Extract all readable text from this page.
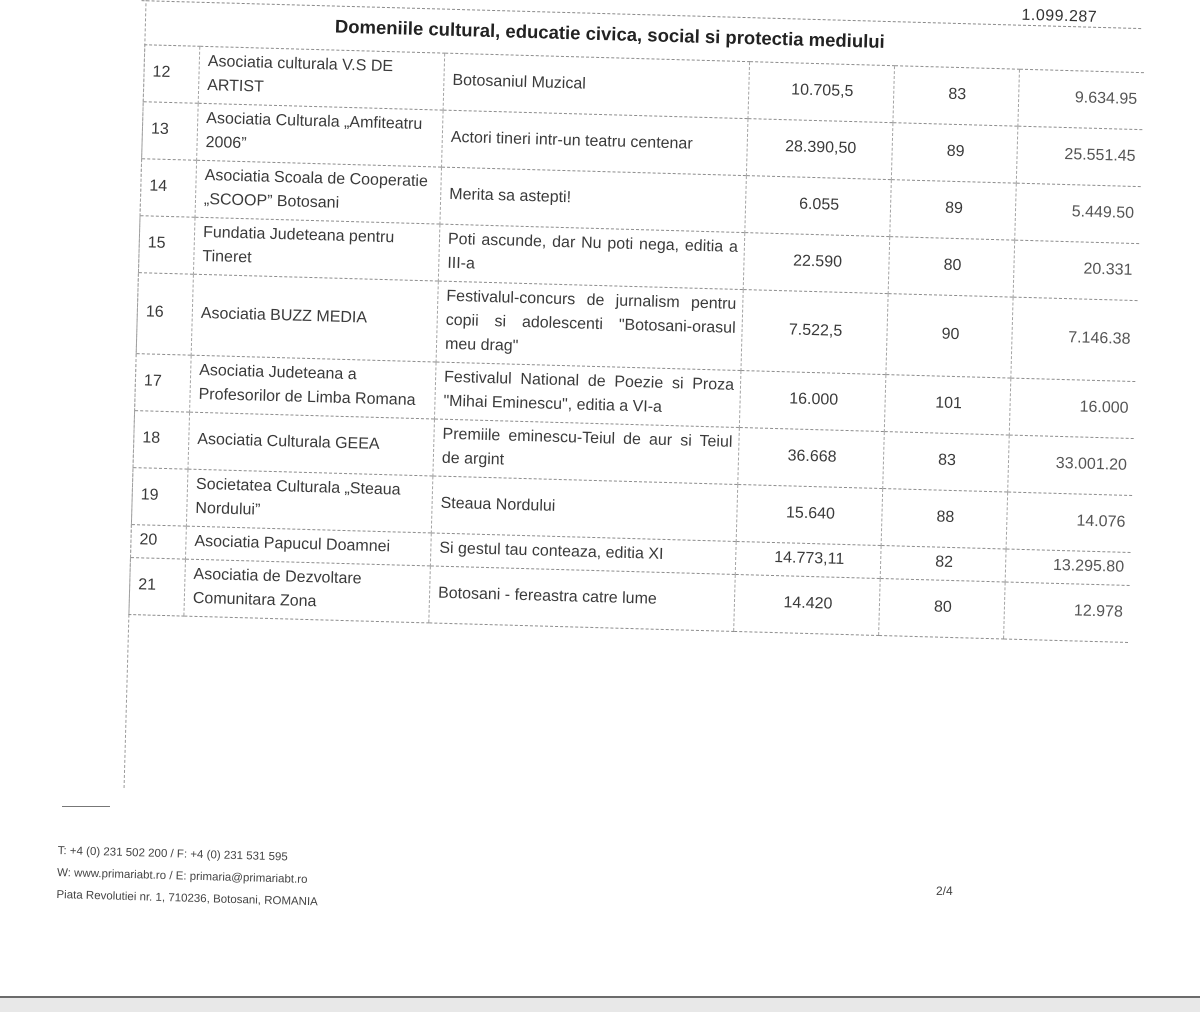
1.099.287
Domeniile cultural, educatie civica, social si protectia mediului
12	Asociatia culturala V.S DE ARTIST	Botosaniul Muzical	10.705,5	83	9.634.95
13	Asociatia Culturala „Amfiteatru 2006”	Actori tineri intr-un teatru centenar	28.390,50	89	25.551.45
14	Asociatia Scoala de Cooperatie „SCOOP” Botosani	Merita sa astepti!	6.055	89	5.449.50
15	Fundatia Judeteana pentru Tineret	Poti ascunde, dar Nu poti nega, editia a III-a	22.590	80	20.331
16	Asociatia BUZZ MEDIA	Festivalul-concurs de jurnalism pentru copii si adolescenti "Botosani-orasul meu drag"	7.522,5	90	7.146.38
17	Asociatia Judeteana a Profesorilor de Limba Romana	Festivalul National de Poezie si Proza "Mihai Eminescu", editia a VI-a	16.000	101	16.000
18	Asociatia Culturala GEEA	Premiile eminescu-Teiul de aur si Teiul de argint	36.668	83	33.001.20
19	Societatea Culturala „Steaua Nordului”	Steaua Nordului	15.640	88	14.076
20	Asociatia Papucul Doamnei	Si gestul tau conteaza, editia XI	14.773,11	82	13.295.80
21	Asociatia de Dezvoltare Comunitara Zona	Botosani - fereastra catre lume	14.420	80	12.978
T: +4 (0) 231 502 200 / F: +4 (0) 231 531 595
W: www.primariabt.ro / E: primaria@primariabt.ro
Piata Revolutiei nr. 1, 710236, Botosani, ROMANIA	2/4
